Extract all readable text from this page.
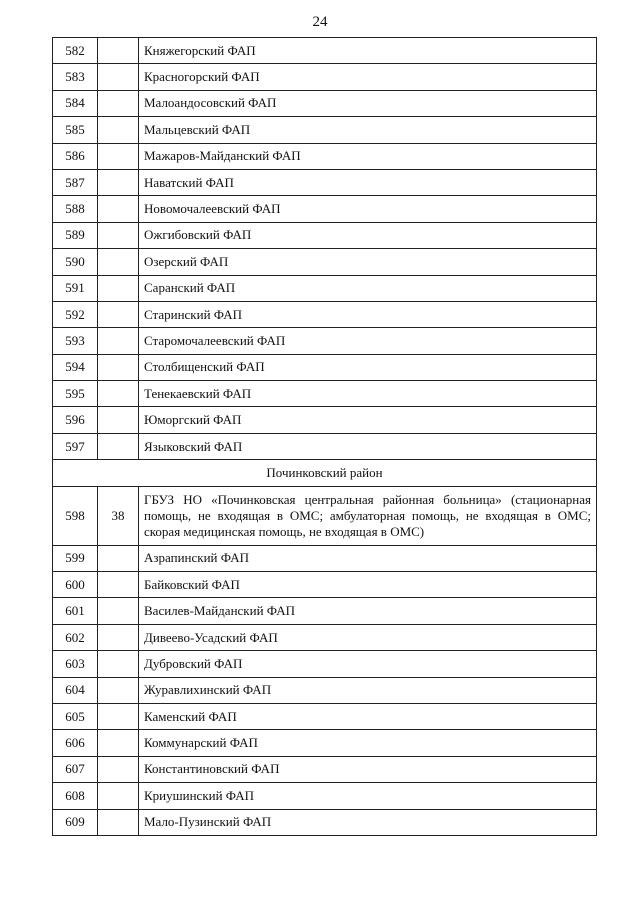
24
582		Княжегорский ФАП
583		Красногорский ФАП
584		Малоандосовский ФАП
585		Мальцевский ФАП
586		Мажаров-Майданский ФАП
587		Наватский ФАП
588		Новомочалеевский ФАП
589		Ожгибовский ФАП
590		Озерский ФАП
591		Саранский ФАП
592		Старинский ФАП
593		Старомочалеевский ФАП
594		Столбищенский ФАП
595		Тенекаевский ФАП
596		Юморгский ФАП
597		Языковский ФАП
Починковский район		
598	38	ГБУЗ НО «Починковская центральная районная больница» (стационарная помощь, не входящая в ОМС; амбулаторная помощь, не входящая в ОМС; скорая медицинская помощь, не входящая в ОМС)
599		Азрапинский ФАП
600		Байковский ФАП
601		Василев-Майданский ФАП
602		Дивеево-Усадский ФАП
603		Дубровский ФАП
604		Журавлихинский ФАП
605		Каменский ФАП
606		Коммунарский ФАП
607		Константиновский ФАП
608		Криушинский ФАП
609		Мало-Пузинский ФАП
